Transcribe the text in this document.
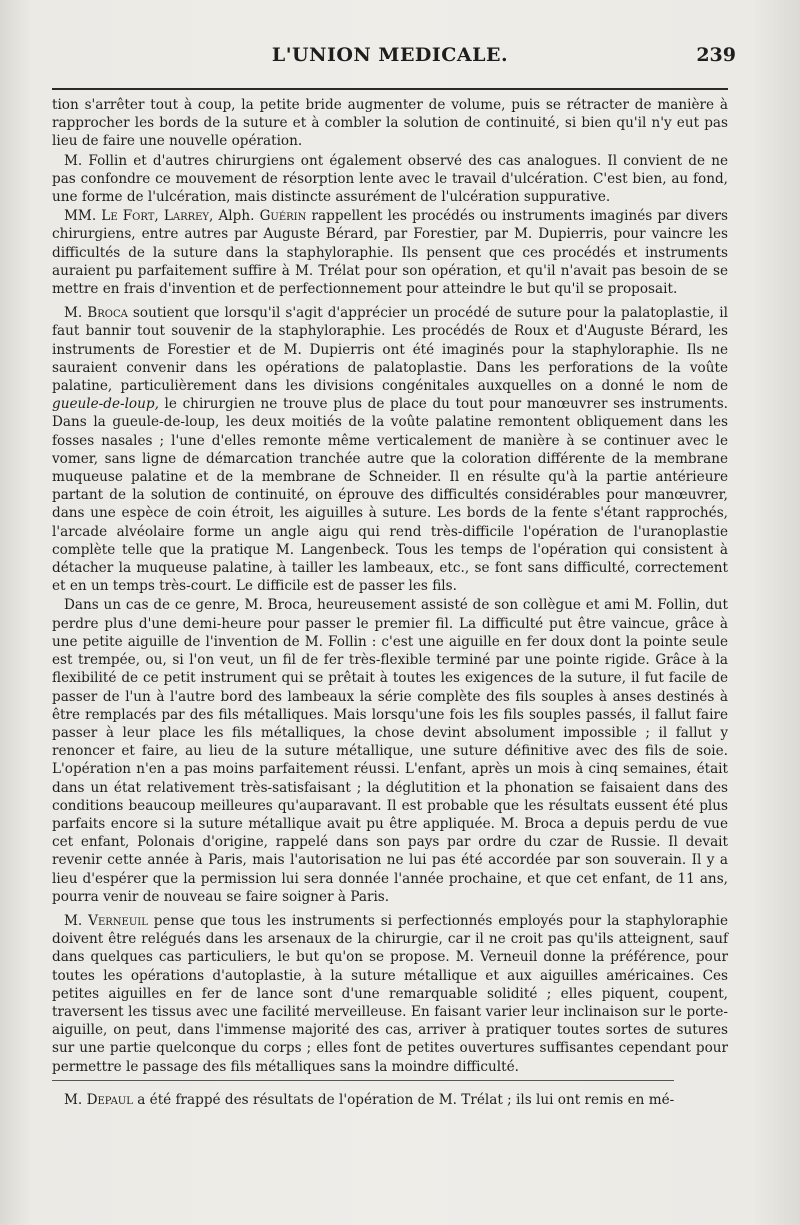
L'UNION MEDICALE.	239

tion s'arrêter tout à coup, la petite bride augmenter de volume, puis se rétracter de manière à rapprocher les bords de la suture et à combler la solution de continuité, si bien qu'il n'y eut pas lieu de faire une nouvelle opération.

M. Follin et d'autres chirurgiens ont également observé des cas analogues. Il convient de ne pas confondre ce mouvement de résorption lente avec le travail d'ulcération. C'est bien, au fond, une forme de l'ulcération, mais distincte assurément de l'ulcération suppurative.

MM. Le Fort, Larrey, Alph. Guérin rappellent les procédés ou instruments imaginés par divers chirurgiens, entre autres par Auguste Bérard, par Forestier, par M. Dupierris, pour vaincre les difficultés de la suture dans la staphyloraphie. Ils pensent que ces procédés et instruments auraient pu parfaitement suffire à M. Trélat pour son opération, et qu'il n'avait pas besoin de se mettre en frais d'invention et de perfectionnement pour atteindre le but qu'il se proposait.

M. Broca soutient que lorsqu'il s'agit d'apprécier un procédé de suture pour la palatoplastie, il faut bannir tout souvenir de la staphyloraphie. Les procédés de Roux et d'Auguste Bérard, les instruments de Forestier et de M. Dupierris ont été imaginés pour la staphyloraphie. Ils ne sauraient convenir dans les opérations de palatoplastie. Dans les perforations de la voûte palatine, particulièrement dans les divisions congénitales auxquelles on a donné le nom de gueule-de-loup, le chirurgien ne trouve plus de place du tout pour manœuvrer ses instruments. Dans la gueule-de-loup, les deux moitiés de la voûte palatine remontent obliquement dans les fosses nasales ; l'une d'elles remonte même verticalement de manière à se continuer avec le vomer, sans ligne de démarcation tranchée autre que la coloration différente de la membrane muqueuse palatine et de la membrane de Schneider. Il en résulte qu'à la partie antérieure partant de la solution de continuité, on éprouve des difficultés considérables pour manœuvrer, dans une espèce de coin étroit, les aiguilles à suture. Les bords de la fente s'étant rapprochés, l'arcade alvéolaire forme un angle aigu qui rend très-difficile l'opération de l'uranoplastie complète telle que la pratique M. Langenbeck. Tous les temps de l'opération qui consistent à détacher la muqueuse palatine, à tailler les lambeaux, etc., se font sans difficulté, correctement et en un temps très-court. Le difficile est de passer les fils.

Dans un cas de ce genre, M. Broca, heureusement assisté de son collègue et ami M. Follin, dut perdre plus d'une demi-heure pour passer le premier fil. La difficulté put être vaincue, grâce à une petite aiguille de l'invention de M. Follin : c'est une aiguille en fer doux dont la pointe seule est trempée, ou, si l'on veut, un fil de fer très-flexible terminé par une pointe rigide. Grâce à la flexibilité de ce petit instrument qui se prêtait à toutes les exigences de la suture, il fut facile de passer de l'un à l'autre bord des lambeaux la série complète des fils souples à anses destinés à être remplacés par des fils métalliques. Mais lorsqu'une fois les fils souples passés, il fallut faire passer à leur place les fils métalliques, la chose devint absolument impossible ; il fallut y renoncer et faire, au lieu de la suture métallique, une suture définitive avec des fils de soie. L'opération n'en a pas moins parfaitement réussi. L'enfant, après un mois à cinq semaines, était dans un état relativement très-satisfaisant ; la déglutition et la phonation se faisaient dans des conditions beaucoup meilleures qu'auparavant. Il est probable que les résultats eussent été plus parfaits encore si la suture métallique avait pu être appliquée. M. Broca a depuis perdu de vue cet enfant, Polonais d'origine, rappelé dans son pays par ordre du czar de Russie. Il devait revenir cette année à Paris, mais l'autorisation ne lui pas été accordée par son souverain. Il y a lieu d'espérer que la permission lui sera donnée l'année prochaine, et que cet enfant, de 11 ans, pourra venir de nouveau se faire soigner à Paris.

M. Verneuil pense que tous les instruments si perfectionnés employés pour la staphyloraphie doivent être relégués dans les arsenaux de la chirurgie, car il ne croit pas qu'ils atteignent, sauf dans quelques cas particuliers, le but qu'on se propose. M. Verneuil donne la préférence, pour toutes les opérations d'autoplastie, à la suture métallique et aux aiguilles américaines. Ces petites aiguilles en fer de lance sont d'une remarquable solidité ; elles piquent, coupent, traversent les tissus avec une facilité merveilleuse. En faisant varier leur inclinaison sur le porte-aiguille, on peut, dans l'immense majorité des cas, arriver à pratiquer toutes sortes de sutures sur une partie quelconque du corps ; elles font de petites ouvertures suffisantes cependant pour permettre le passage des fils métalliques sans la moindre difficulté.

M. Depaul a été frappé des résultats de l'opération de M. Trélat ; ils lui ont remis en mé-
